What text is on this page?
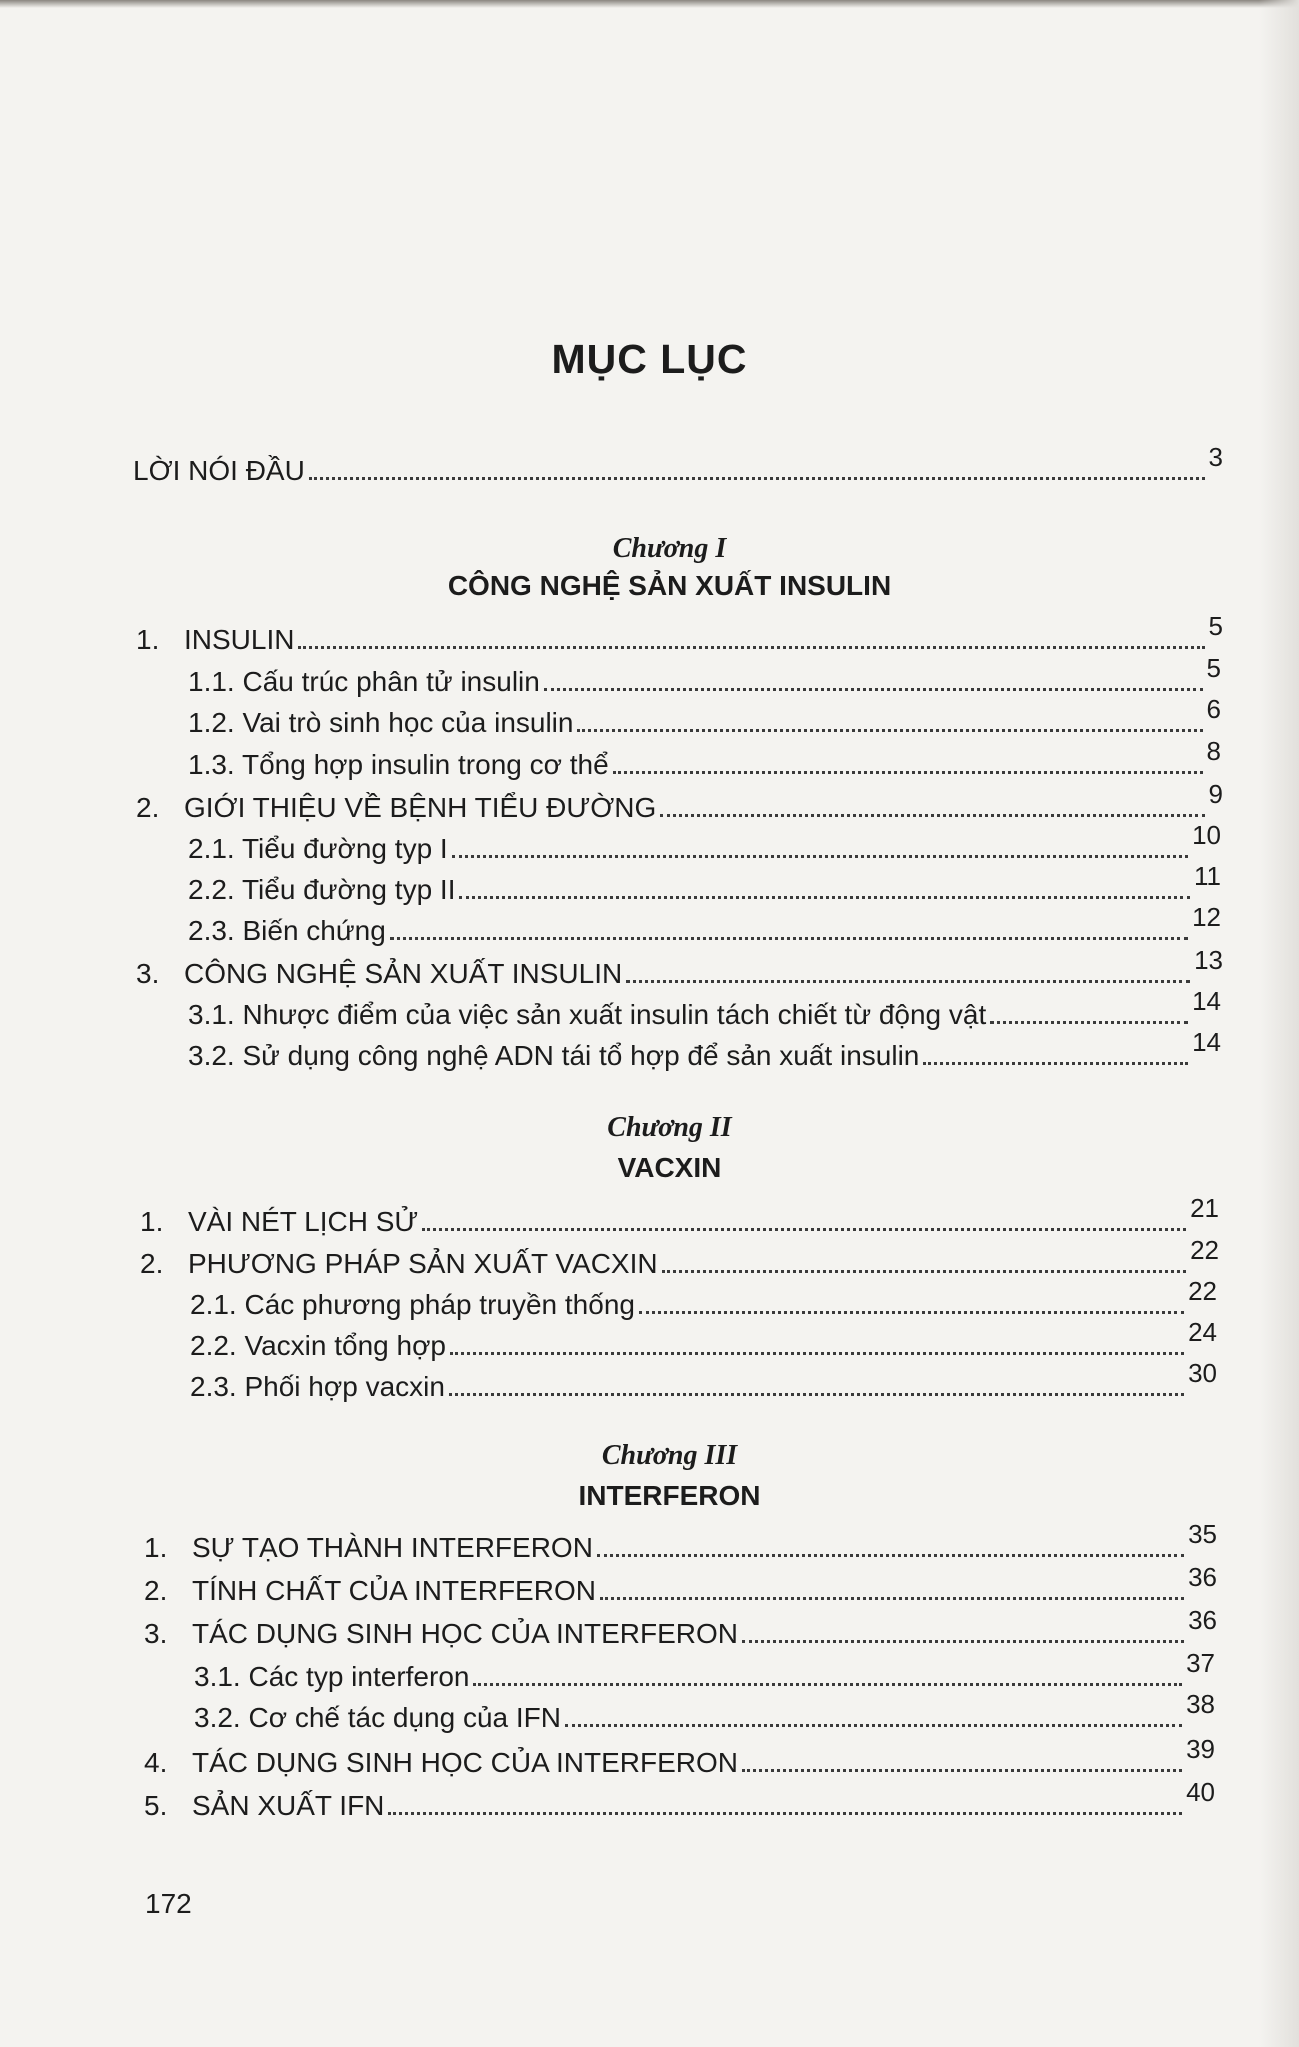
MỤC LỤC
LỜI NÓI ĐẦU	3
Chương I
CÔNG NGHỆ SẢN XUẤT INSULIN
1. INSULIN	5
1.1. Cấu trúc phân tử insulin	5
1.2. Vai trò sinh học của insulin	6
1.3. Tổng hợp insulin trong cơ thể	8
2. GIỚI THIỆU VỀ BỆNH TIỂU ĐƯỜNG	9
2.1. Tiểu đường typ I	10
2.2. Tiểu đường typ II	11
2.3. Biến chứng	12
3. CÔNG NGHỆ SẢN XUẤT INSULIN	13
3.1. Nhược điểm của việc sản xuất insulin tách chiết từ động vật	14
3.2. Sử dụng công nghệ ADN tái tổ hợp để sản xuất insulin	14
Chương II
VACXIN
1. VÀI NÉT LỊCH SỬ	21
2. PHƯƠNG PHÁP SẢN XUẤT VACXIN	22
2.1. Các phương pháp truyền thống	22
2.2. Vacxin tổng hợp	24
2.3. Phối hợp vacxin	30
Chương III
INTERFERON
1. SỰ TẠO THÀNH INTERFERON	35
2. TÍNH CHẤT CỦA INTERFERON	36
3. TÁC DỤNG SINH HỌC CỦA INTERFERON	36
3.1. Các typ interferon	37
3.2. Cơ chế tác dụng của IFN	38
4. TÁC DỤNG SINH HỌC CỦA INTERFERON	39
5. SẢN XUẤT IFN	40
172
